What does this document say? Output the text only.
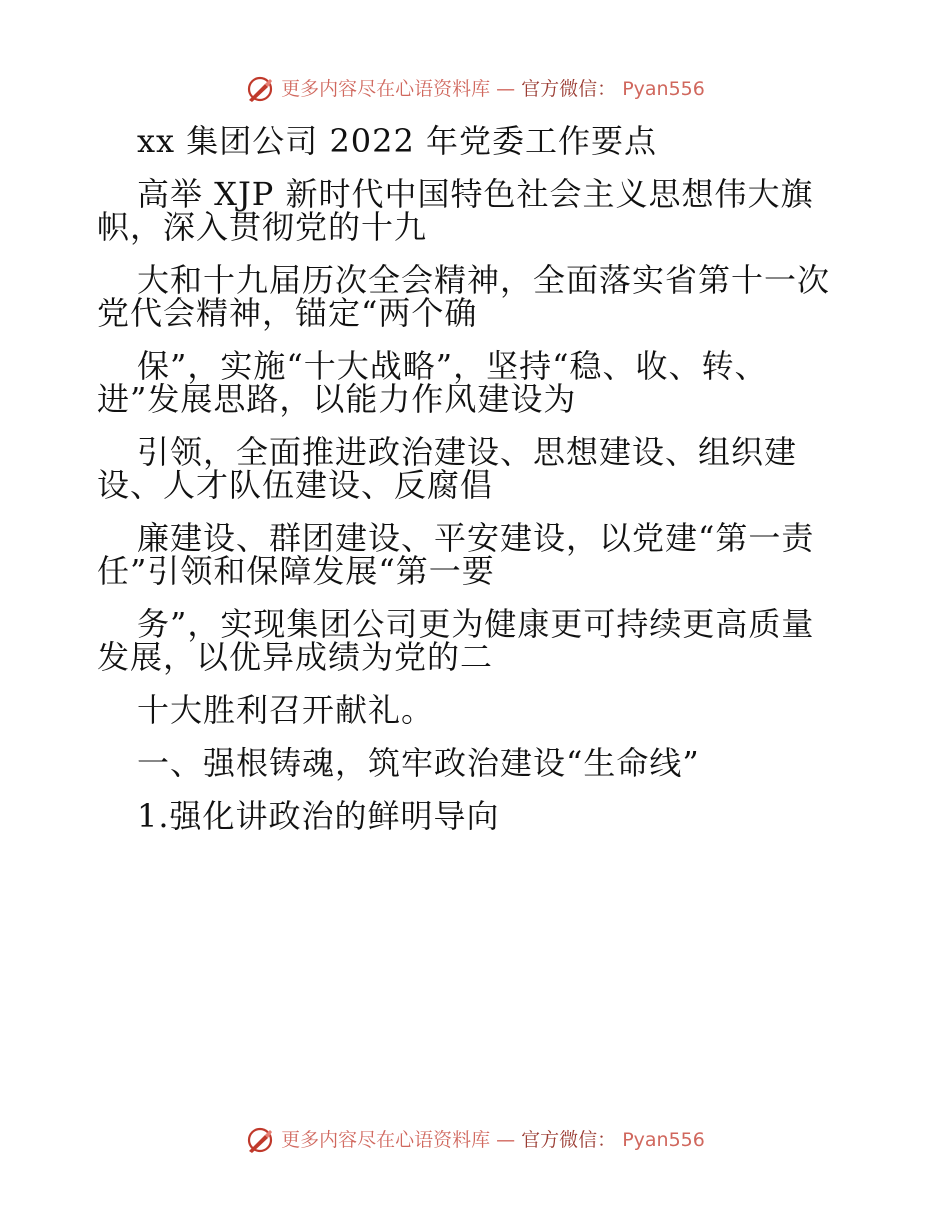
更多内容尽在心语资料库 — 官方微信： Pyan556

xx 集团公司 2022 年党委工作要点

高举 XJP 新时代中国特色社会主义思想伟大旗

帜，深入贯彻党的十九

大和十九届历次全会精神，全面落实省第十一次

党代会精神，锚定“两个确

保”，实施“十大战略”，坚持“稳、收、转、

进”发展思路，以能力作风建设为

引领，全面推进政治建设、思想建设、组织建

设、人才队伍建设、反腐倡

廉建设、群团建设、平安建设，以党建“第一责

任”引领和保障发展“第一要

务”，实现集团公司更为健康更可持续更高质量

发展，以优异成绩为党的二

十大胜利召开献礼。

一、强根铸魂，筑牢政治建设“生命线”

1.强化讲政治的鲜明导向

更多内容尽在心语资料库 — 官方微信： Pyan556
